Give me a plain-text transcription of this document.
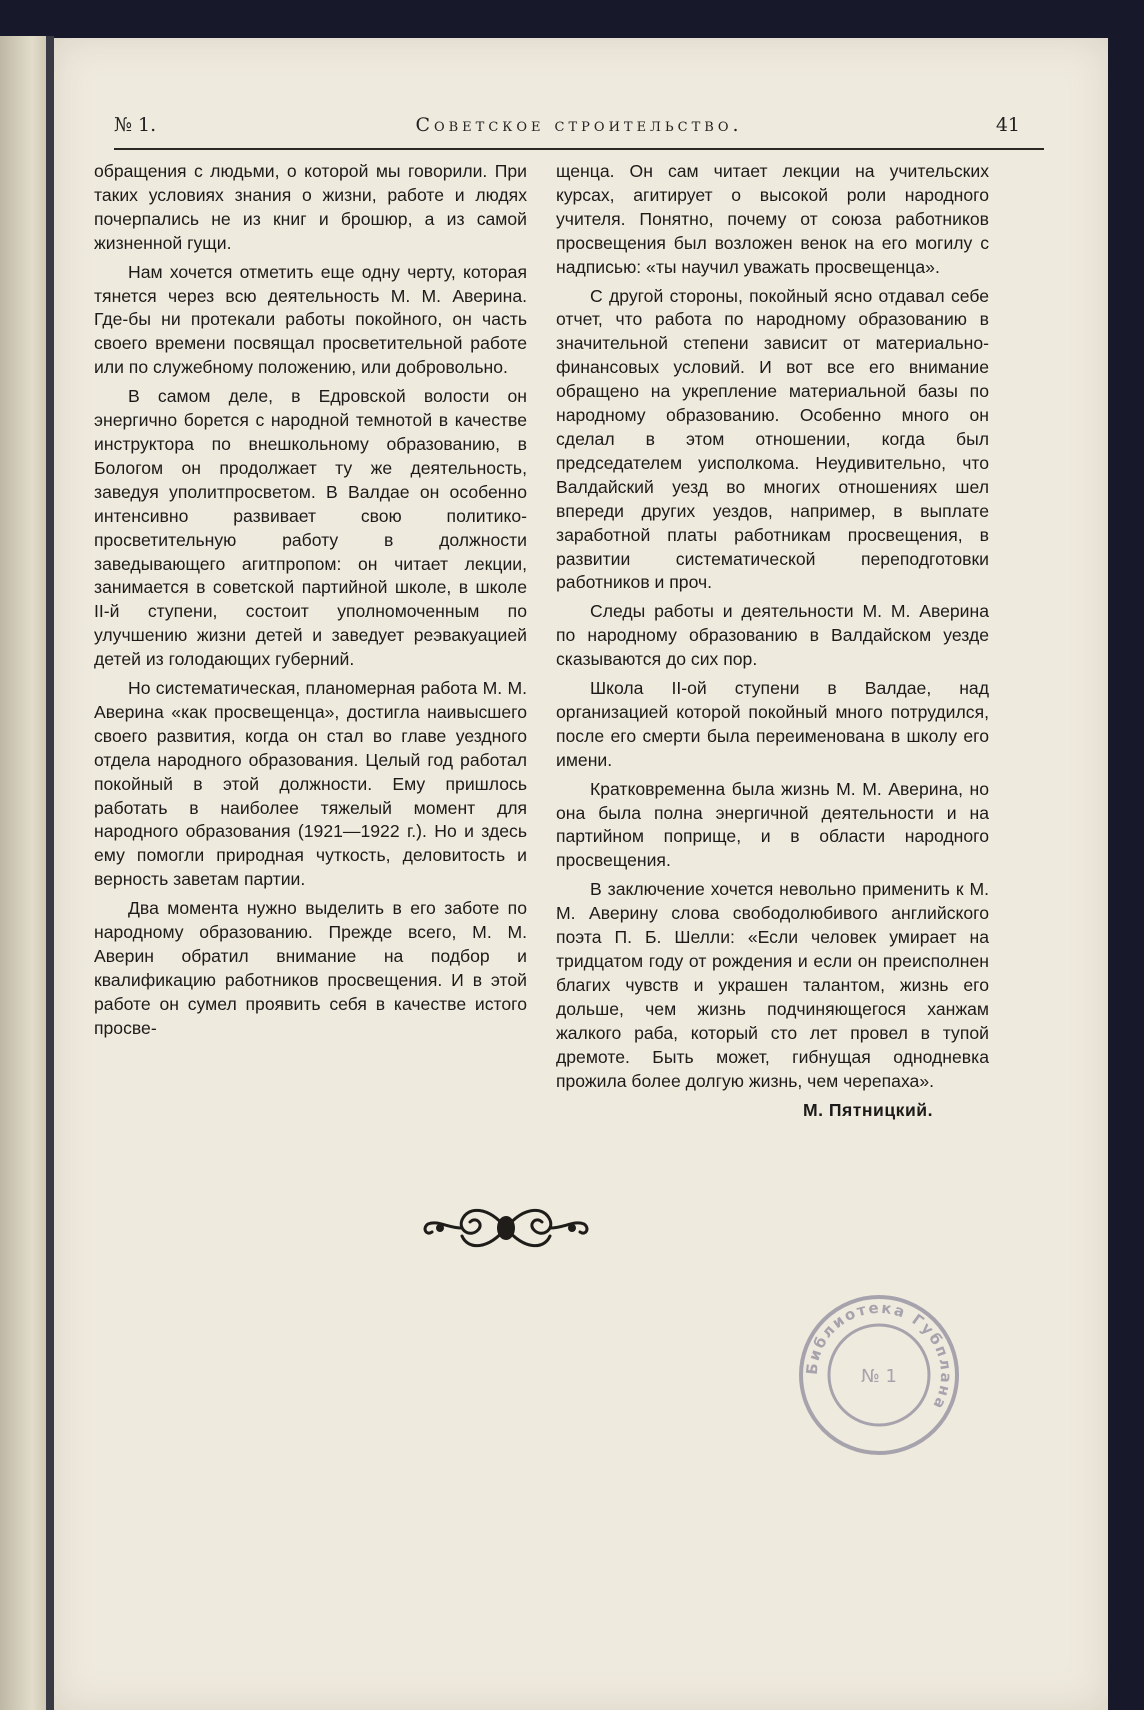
№ 1.	Советское строительство.	41

обращения с людьми, о которой мы говорили. При таких условиях знания о жизни, работе и людях почерпались не из книг и брошюр, а из самой жизненной гущи.

Нам хочется отметить еще одну черту, которая тянется через всю деятельность М. М. Аверина. Где-бы ни протекали работы покойного, он часть своего времени посвящал просветительной работе или по служебному положению, или добровольно.

В самом деле, в Едровской волости он энергично борется с народной темнотой в качестве инструктора по внешкольному образованию, в Бологом он продолжает ту же деятельность, заведуя уполитпросветом. В Валдае он особенно интенсивно развивает свою политико-просветительную работу в должности заведывающего агитпропом: он читает лекции, занимается в советской партийной школе, в школе II-й ступени, состоит уполномоченным по улучшению жизни детей и заведует реэвакуацией детей из голодающих губерний.

Но систематическая, планомерная работа М. М. Аверина «как просвещенца», достигла наивысшего своего развития, когда он стал во главе уездного отдела народного образования. Целый год работал покойный в этой должности. Ему пришлось работать в наиболее тяжелый момент для народного образования (1921—1922 г.). Но и здесь ему помогли природная чуткость, деловитость и верность заветам партии.

Два момента нужно выделить в его заботе по народному образованию. Прежде всего, М. М. Аверин обратил внимание на подбор и квалификацию работников просвещения. И в этой работе он сумел проявить себя в качестве истого просве-

щенца. Он сам читает лекции на учительских курсах, агитирует о высокой роли народного учителя. Понятно, почему от союза работников просвещения был возложен венок на его могилу с надписью: «ты научил уважать просвещенца».

С другой стороны, покойный ясно отдавал себе отчет, что работа по народному образованию в значительной степени зависит от материально-финансовых условий. И вот все его внимание обращено на укрепление материальной базы по народному образованию. Особенно много он сделал в этом отношении, когда был председателем уисполкома. Неудивительно, что Валдайский уезд во многих отношениях шел впереди других уездов, например, в выплате заработной платы работникам просвещения, в развитии систематической переподготовки работников и проч.

Следы работы и деятельности М. М. Аверина по народному образованию в Валдайском уезде сказываются до сих пор.

Школа II-ой ступени в Валдае, над организацией которой покойный много потрудился, после его смерти была переименована в школу его имени.

Кратковременна была жизнь М. М. Аверина, но она была полна энергичной деятельности и на партийном поприще, и в области народного просвещения.

В заключение хочется невольно применить к М. М. Аверину слова свободолюбивого английского поэта П. Б. Шелли: «Если человек умирает на тридцатом году от рождения и если он преисполнен благих чувств и украшен талантом, жизнь его дольше, чем жизнь подчиняющегося ханжам жалкого раба, который сто лет провел в тупой дремоте. Быть может, гибнущая однодневка прожила более долгую жизнь, чем черепаха».

М. Пятницкий.
Библиотека Губплана
№ 1
